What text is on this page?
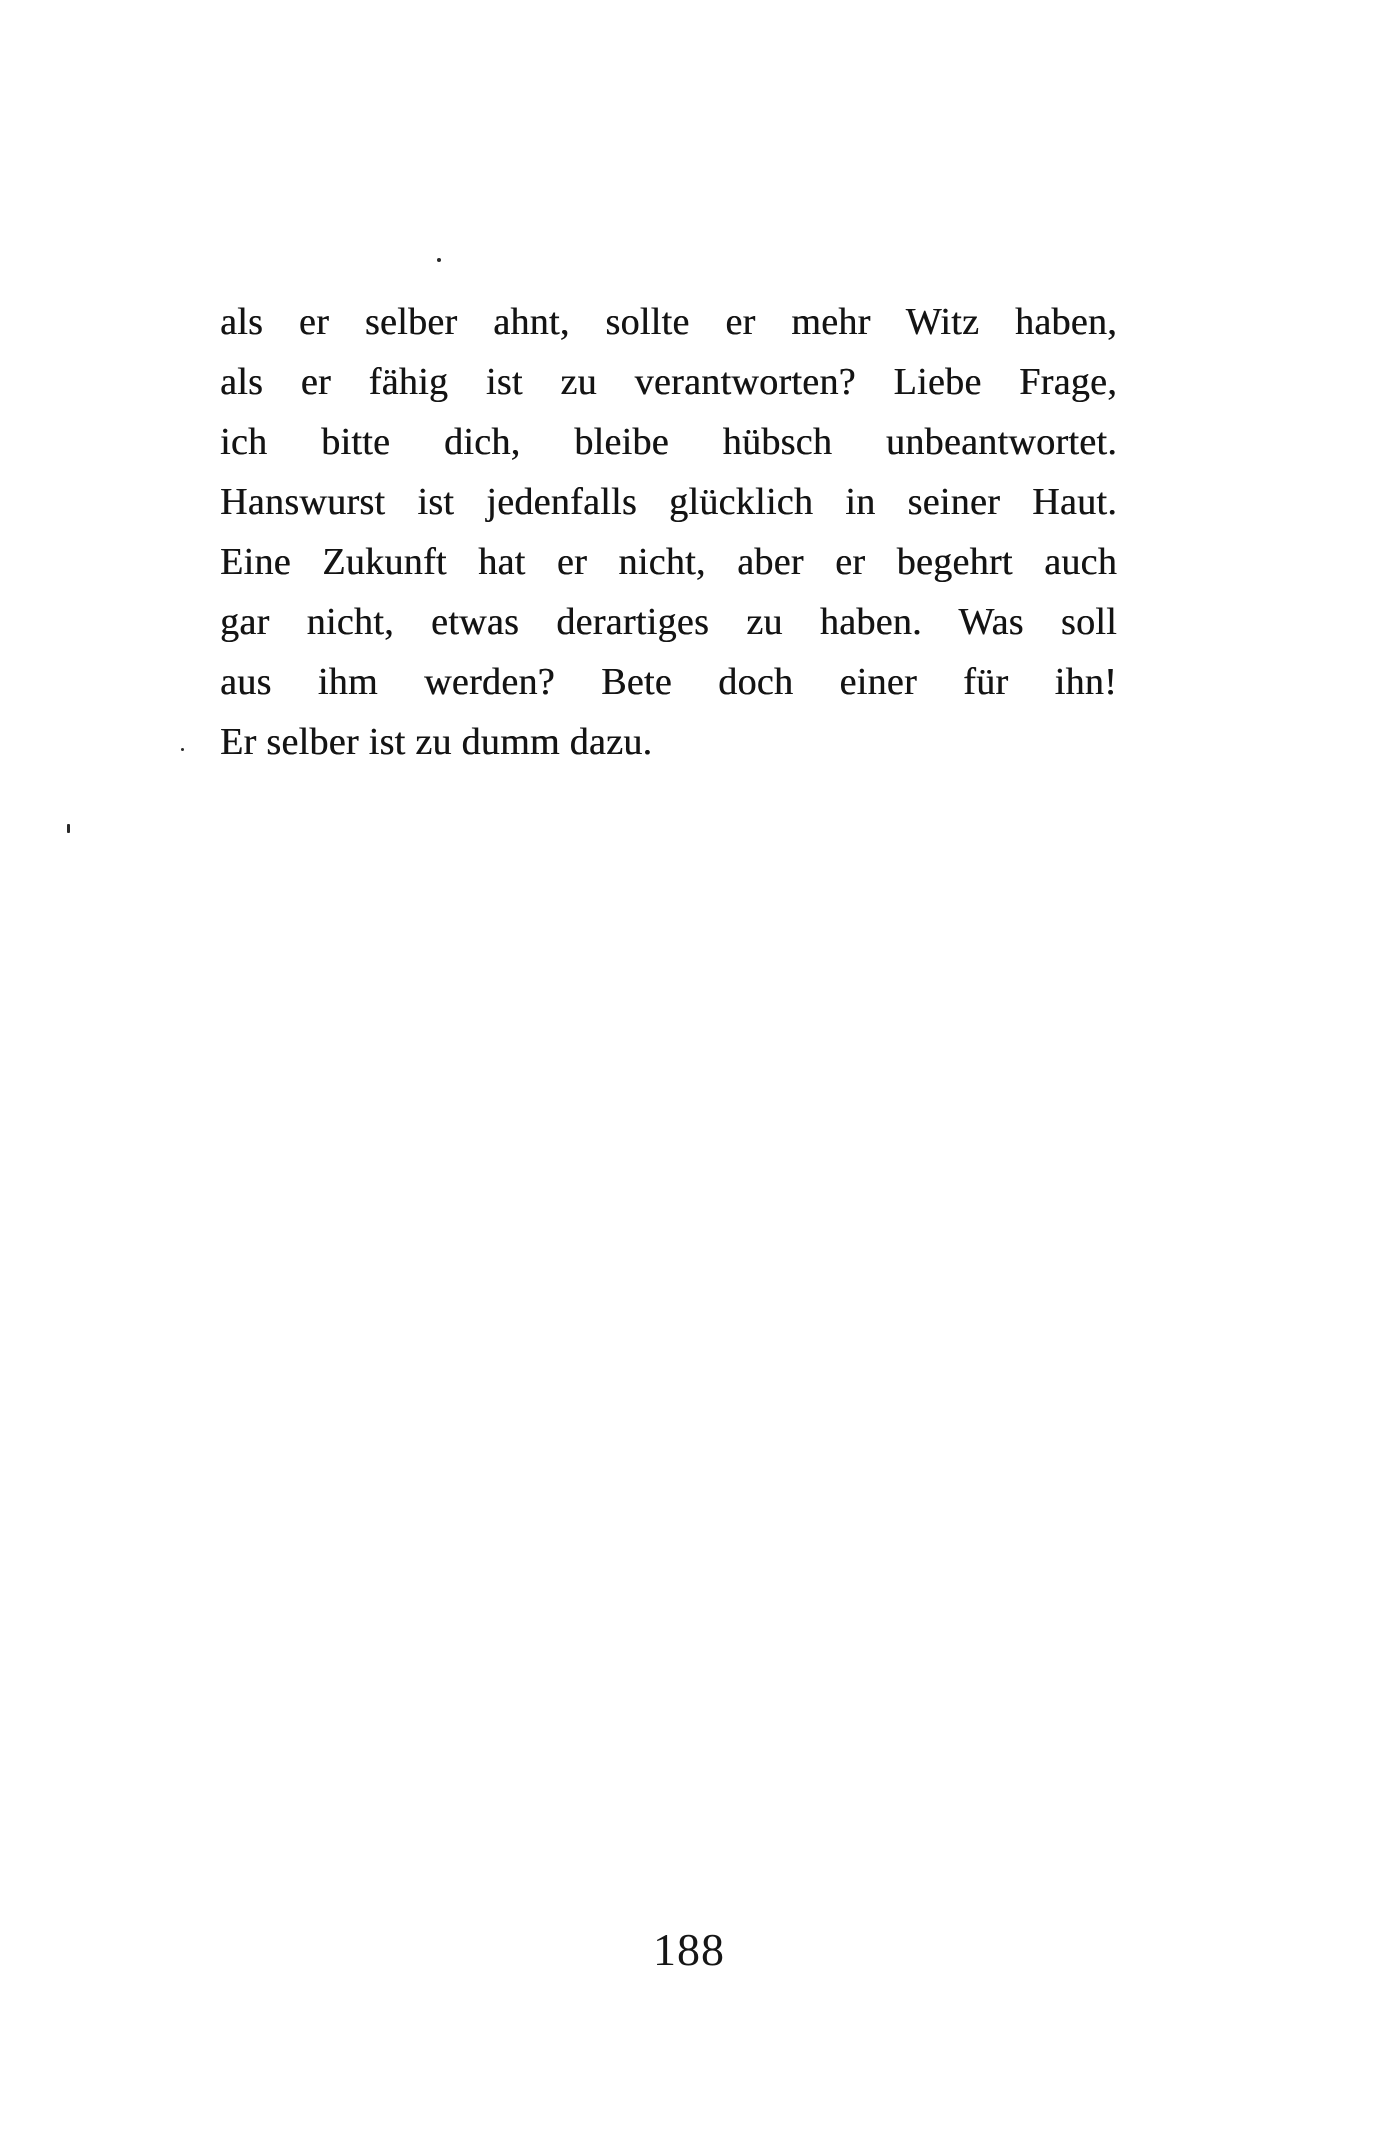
als er selber ahnt, sollte er mehr Witz haben,
als er fähig ist zu verantworten? Liebe Frage,
ich bitte dich, bleibe hübsch unbeantwortet.
Hanswurst ist jedenfalls glücklich in seiner Haut.
Eine Zukunft hat er nicht, aber er begehrt auch
gar nicht, etwas derartiges zu haben. Was soll
aus ihm werden? Bete doch einer für ihn!
Er selber ist zu dumm dazu.
188
